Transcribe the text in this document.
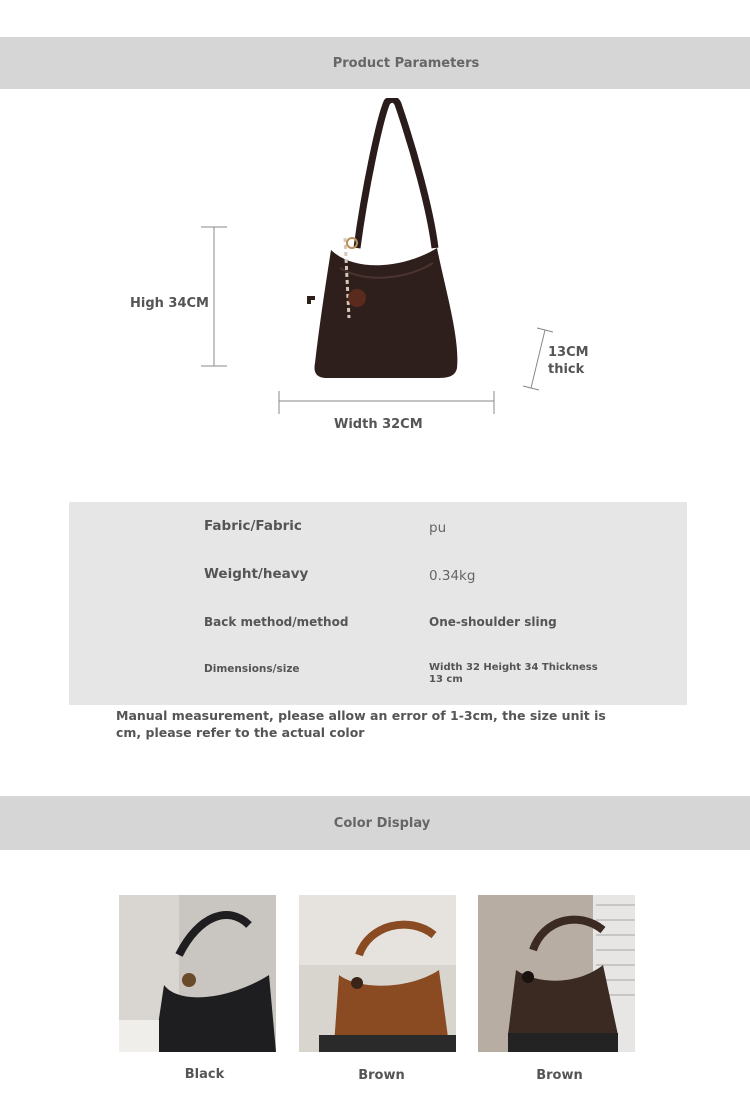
Product Parameters
High 34CM
Width 32CM
13CM
thick
Fabric/Fabric	pu
Weight/heavy	0.34kg
Back method/method	One-shoulder sling
Dimensions/size	Width 32 Height 34 Thickness 13 cm
Manual measurement, please allow an error of 1-3cm, the size unit is cm, please refer to the actual color
Color Display
Black	Brown	Brown
